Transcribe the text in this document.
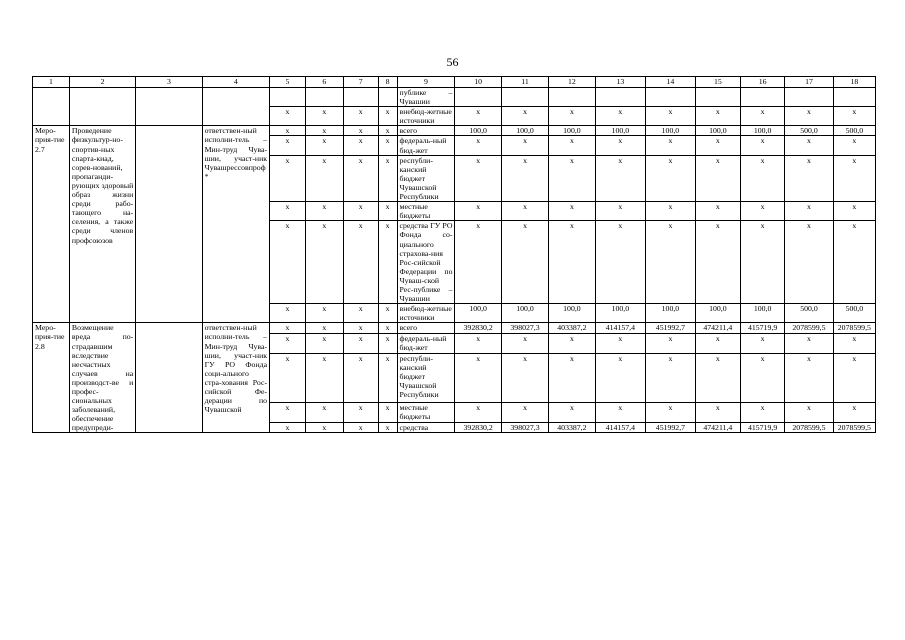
56
1	2	3	4	5	6	7	8	9	10	11	12	13	14	15	16	17	18
								публике – Чувашии									
				х	х	х	х	внебюд-жетные источники	х	х	х	х	х	х	х	х	х
Меро-прия-тие 2.7	Проведение физкультур-но-спортив-ных спарта-киад, сорев-нований, пропаганди-рующих здоровый образ жизни среди рабо-тающего на-селения, а также среди членов профсоюзов		ответствен-ный исполни-тель – Мин-труд Чува-шии, участ-ник Чувашрессовпроф*	х	х	х	х	всего	100,0	100,0	100,0	100,0	100,0	100,0	100,0	500,0	500,0
				х	х	х	х	федераль-ный бюд-жет	х	х	х	х	х	х	х	х	х
				х	х	х	х	республи-канский бюджет Чувашской Республики	х	х	х	х	х	х	х	х	х
				х	х	х	х	местные бюджеты	х	х	х	х	х	х	х	х	х
				х	х	х	х	средства ГУ РО Фонда со-циального страхова-ния Рос-сийской Федерации по Чуваш-ской Рес-публике – Чувашии	х	х	х	х	х	х	х	х	х
				х	х	х	х	внебюд-жетные источники	100,0	100,0	100,0	100,0	100,0	100,0	100,0	500,0	500,0
Меро-прия-тие 2.8	Возмещение вреда по-страдавшим вследствие несчастных случаев на производст-ве и профес-сиональных заболеваний, обеспечение предупреди-		ответствен-ный исполни-тель – Мин-труд Чува-шии, участ-ник ГУ РО Фонда соци-ального стра-хования Рос-сийской Фе-дерации по Чувашской	х	х	х	х	всего	392830,2	398027,3	403387,2	414157,4	451992,7	474211,4	415719,9	2078599,5	2078599,5
				х	х	х	х	федераль-ный бюд-жет	х	х	х	х	х	х	х	х	х
				х	х	х	х	республи-канский бюджет Чувашской Республики	х	х	х	х	х	х	х	х	х
				х	х	х	х	местные бюджеты	х	х	х	х	х	х	х	х	х
				х	х	х	х	средства	392830,2	398027,3	403387,2	414157,4	451992,7	474211,4	415719,9	2078599,5	2078599,5
